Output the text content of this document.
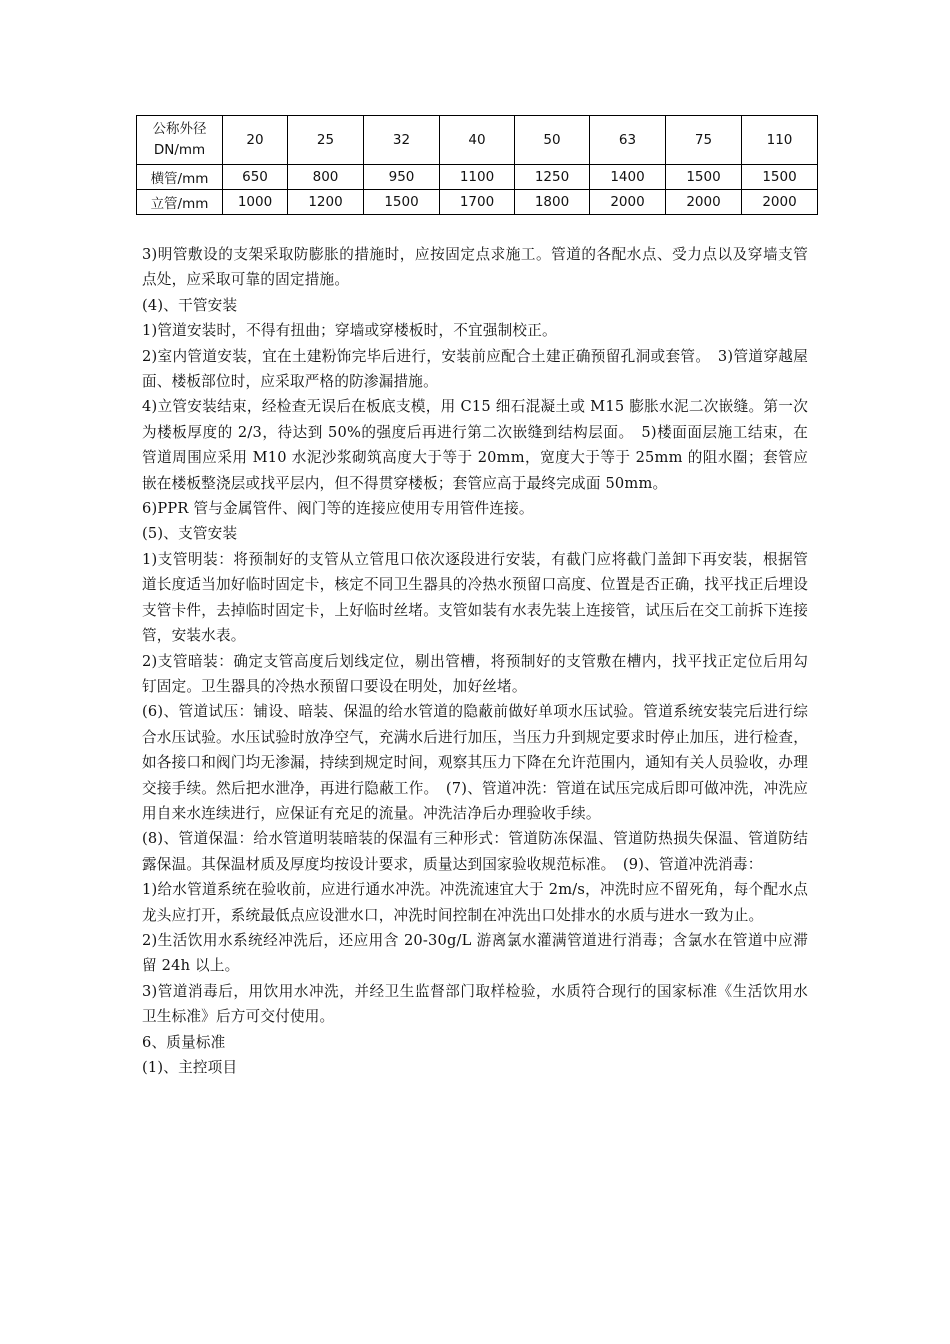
公称外径
DN/mm	20	25	32	40	50	63	75	110
横管/mm	650	800	950	1100	1250	1400	1500	1500
立管/mm	1000	1200	1500	1700	1800	2000	2000	2000

3)明管敷设的支架采取防膨胀的措施时，应按固定点求施工。管道的各配水点、受力点以及穿墙支管点处，应采取可靠的固定措施。

(4)、干管安装

1)管道安装时，不得有扭曲；穿墙或穿楼板时，不宜强制校正。

2)室内管道安装，宜在土建粉饰完毕后进行，安装前应配合土建正确预留孔洞或套管。　3)管道穿越屋面、楼板部位时，应采取严格的防渗漏措施。

4)立管安装结束，经检查无误后在板底支模，用 C15 细石混凝土或 M15 膨胀水泥二次嵌缝。第一次为楼板厚度的 2/3，待达到 50%的强度后再进行第二次嵌缝到结构层面。　5)楼面面层施工结束，在管道周围应采用 M10 水泥沙浆砌筑高度大于等于 20mm，宽度大于等于 25mm 的阻水圈；套管应嵌在楼板整浇层或找平层内，但不得贯穿楼板；套管应高于最终完成面 50mm。

6)PPR 管与金属管件、阀门等的连接应使用专用管件连接。

(5)、支管安装

1)支管明装：将预制好的支管从立管甩口依次逐段进行安装，有截门应将截门盖卸下再安装，根据管道长度适当加好临时固定卡，核定不同卫生器具的冷热水预留口高度、位置是否正确，找平找正后埋设支管卡件，去掉临时固定卡，上好临时丝堵。支管如装有水表先装上连接管，试压后在交工前拆下连接管，安装水表。

2)支管暗装：确定支管高度后划线定位，剔出管槽，将预制好的支管敷在槽内，找平找正定位后用勾钉固定。卫生器具的冷热水预留口要设在明处，加好丝堵。

(6)、管道试压：铺设、暗装、保温的给水管道的隐蔽前做好单项水压试验。管道系统安装完后进行综合水压试验。水压试验时放净空气，充满水后进行加压，当压力升到规定要求时停止加压，进行检查，如各接口和阀门均无渗漏，持续到规定时间，观察其压力下降在允许范围内，通知有关人员验收，办理交接手续。然后把水泄净，再进行隐蔽工作。　(7)、管道冲洗：管道在试压完成后即可做冲洗，冲洗应用自来水连续进行，应保证有充足的流量。冲洗洁净后办理验收手续。

(8)、管道保温：给水管道明装暗装的保温有三种形式：管道防冻保温、管道防热损失保温、管道防结露保温。其保温材质及厚度均按设计要求，质量达到国家验收规范标准。　(9)、管道冲洗消毒：

1)给水管道系统在验收前，应进行通水冲洗。冲洗流速宜大于 2m/s，冲洗时应不留死角，每个配水点龙头应打开，系统最低点应设泄水口，冲洗时间控制在冲洗出口处排水的水质与进水一致为止。

2)生活饮用水系统经冲洗后，还应用含 20-30g/L 游离氯水灌满管道进行消毒；含氯水在管道中应滞留 24h 以上。

3)管道消毒后，用饮用水冲洗，并经卫生监督部门取样检验，水质符合现行的国家标准《生活饮用水卫生标准》后方可交付使用。

6、质量标准

(1)、主控项目
